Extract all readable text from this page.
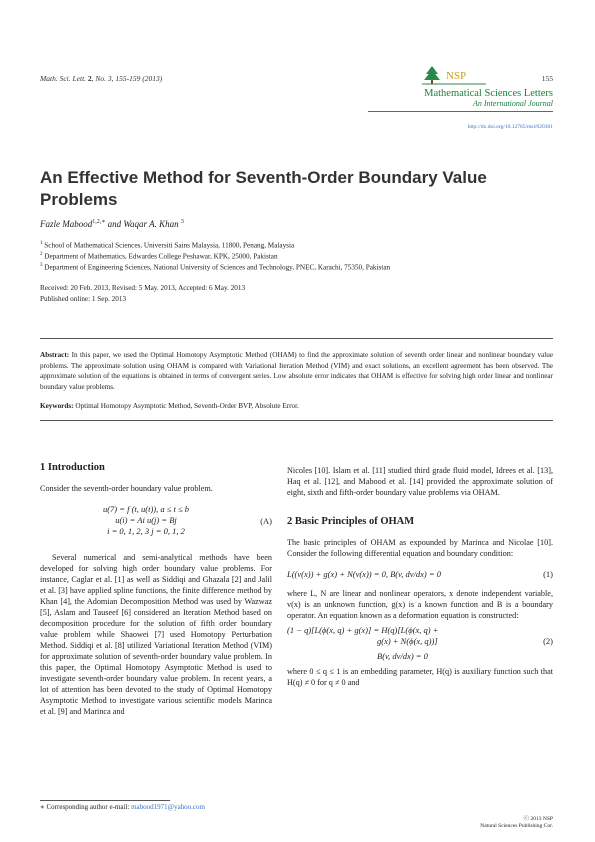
Math. Sci. Lett. 2, No. 3, 155-159 (2013)	NSP	155
Mathematical Sciences Letters
An International Journal
http://dx.doi.org/10.12785/msl/020301
An Effective Method for Seventh-Order Boundary Value Problems
Fazle Mabood$^{1,2,∗}$ and Waqar A. Khan $^3$
$^1$ School of Mathematical Sciences, Universiti Sains Malaysia, 11800, Penang, Malaysia
$^2$ Department of Mathematics, Edwardes College Peshawar, KPK, 25000, Pakistan
$^3$ Department of Engineering Sciences, National University of Sciences and Technology, PNEC, Karachi, 75350, Pakistan
Received: 20 Feb. 2013, Revised: 5 May. 2013, Accepted: 6 May. 2013
Published online: 1 Sep. 2013
Abstract: In this paper, we used the Optimal Homotopy Asymptotic Method (OHAM) to find the approximate solution of seventh order linear and nonlinear boundary value problems. The approximate solution using OHAM is compared with Variational Iteration Method (VIM) and exact solutions, an excellent agreement has been observed. The approximate solution of the equations is obtained in terms of convergent series. Low absolute error indicates that OHAM is effective for solving high order linear and nonlinear boundary value problems.
Keywords: Optimal Homotopy Asymptotic Method, Seventh-Order BVP, Absolute Error.
1 Introduction

Consider the seventh-order boundary value problem.

u(7) = f (t, u(t)), a ≤ t ≤ b
u(i) = Ai u(j) = Bj
i = 0, 1, 2, 3 j = 0, 1, 2
(A)

Several numerical and semi-analytical methods have been developed for solving high order boundary value problems. For instance, Caglar et al. [1] as well as Siddiqi and Ghazala [2] and Jalil et al. [3] have applied spline functions, the finite difference method by Khan [4], the Adomian Decomposition Method was used by Wazwaz [5], Aslam and Tauseef [6] considered an Iteration Method based on decomposition procedure for the solution of fifth order boundary value problem while Shaowei [7] used Homotopy Perturbation Method. Siddiqi et al. [8] utilized Variational Iteration Method (VIM) for approximate solution of seventh-order boundary value problem. In this paper, the Optimal Homotopy Asymptotic Method is used to investigate seventh-order boundary value problem. In recent years, a lot of attention has been devoted to the study of Optimal Homotopy Asymptotic Method to investigate various scientific models Marinca et al. [9] and Marinca and

Nicoles [10]. Islam et al. [11] studied third grade fluid model, Idrees et al. [13], Haq et al. [12], and Mabood et al. [14] provided the approximate solution of eight, sixth and fifth-order boundary value problems via OHAM.

2 Basic Principles of OHAM

The basic principles of OHAM as expounded by Marinca and Nicolae [10]. Consider the following differential equation and boundary condition:

L((v(x)) + g(x) + N(v(x)) = 0, B(v, dv/dx) = 0	(1)

where L, N are linear and nonlinear operators, x denote independent variable, v(x) is an unknown function, g(x) is a known function and B is a boundary operator. An equation known as a deformation equation is constructed:

(1 − q)[L(ϕ(x, q) + g(x)] = H(q)[L(ϕ(x, q) +
g(x) + N(ϕ(x, q))]
B(v, dv/dx) = 0
(2)

where 0 ≤ q ≤ 1 is an embedding parameter, H(q) is auxiliary function such that H(q) ≠ 0 for q ≠ 0 and

∗ Corresponding author e-mail: mabood1971@yahoo.com
ⓒ 2013 NSP
Natural Sciences Publishing Cor.
